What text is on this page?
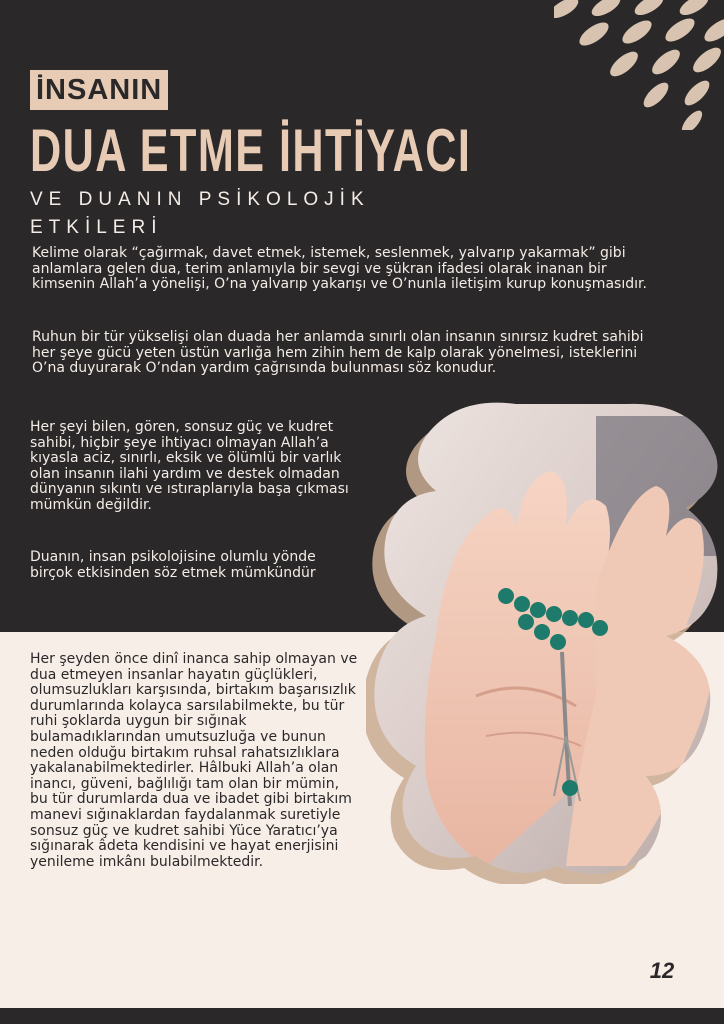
İNSANIN
DUA ETME İHTİYACI
VE DUANIN PSİKOLOJİK ETKİLERİ

Kelime olarak “çağırmak, davet etmek, istemek, seslenmek, yalvarıp yakarmak” gibi anlamlara gelen dua, terim anlamıyla bir sevgi ve şükran ifadesi olarak inanan bir kimsenin Allah’a yönelişi, O’na yalvarıp yakarışı ve O’nunla iletişim kurup konuşmasıdır.

Ruhun bir tür yükselişi olan duada her anlamda sınırlı olan insanın sınırsız kudret sahibi her şeye gücü yeten üstün varlığa hem zihin hem de kalp olarak yönelmesi, isteklerini O’na duyurarak O’ndan yardım çağrısında bulunması söz konudur.

Her şeyi bilen, gören, sonsuz güç ve kudret sahibi, hiçbir şeye ihtiyacı olmayan Allah’a kıyasla aciz, sınırlı, eksik ve ölümlü bir varlık olan insanın ilahi yardım ve destek olmadan dünyanın sıkıntı ve ıstıraplarıyla başa çıkması mümkün değildir.

Duanın, insan psikolojisine olumlu yönde birçok etkisinden söz etmek mümkündür

Her şeyden önce dinî inanca sahip olmayan ve dua etmeyen insanlar hayatın güçlükleri, olumsuzlukları karşısında, birtakım başarısızlık durumlarında kolayca sarsılabilmekte, bu tür ruhi şoklarda uygun bir sığınak bulamadıklarından umutsuzluğa ve bunun neden olduğu birtakım ruhsal rahatsızlıklara yakalanabilmektedirler. Hâlbuki Allah’a olan inancı, güveni, bağlılığı tam olan bir mümin, bu tür durumlarda dua ve ibadet gibi birtakım manevi sığınaklardan faydalanmak suretiyle sonsuz güç ve kudret sahibi Yüce Yaratıcı’ya sığınarak âdeta kendisini ve hayat enerjisini yenileme imkânı bulabilmektedir.

12
